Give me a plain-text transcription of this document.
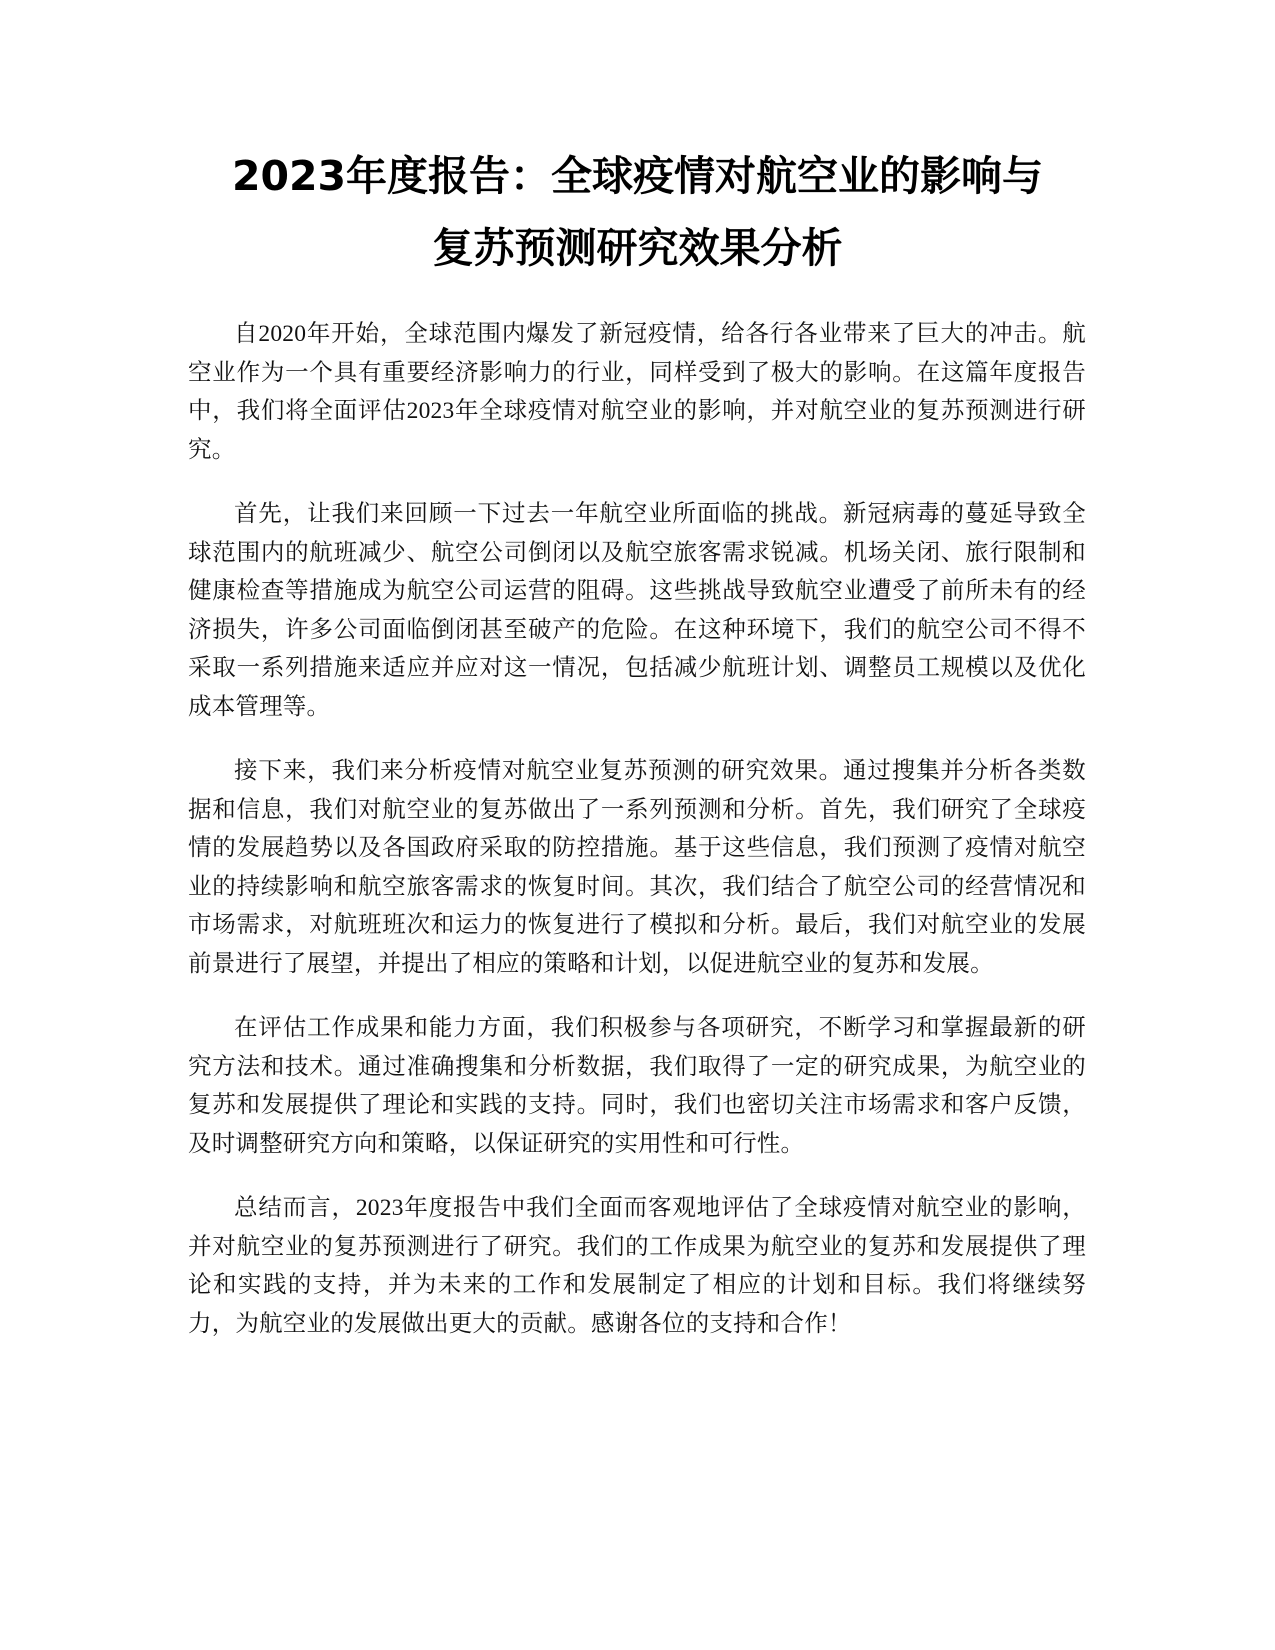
2023年度报告：全球疫情对航空业的影响与
复苏预测研究效果分析

自2020年开始，全球范围内爆发了新冠疫情，给各行各业带来了巨大的冲击。航空业作为一个具有重要经济影响力的行业，同样受到了极大的影响。在这篇年度报告中，我们将全面评估2023年全球疫情对航空业的影响，并对航空业的复苏预测进行研究。

首先，让我们来回顾一下过去一年航空业所面临的挑战。新冠病毒的蔓延导致全球范围内的航班减少、航空公司倒闭以及航空旅客需求锐减。机场关闭、旅行限制和健康检查等措施成为航空公司运营的阻碍。这些挑战导致航空业遭受了前所未有的经济损失，许多公司面临倒闭甚至破产的危险。在这种环境下，我们的航空公司不得不采取一系列措施来适应并应对这一情况，包括减少航班计划、调整员工规模以及优化成本管理等。

接下来，我们来分析疫情对航空业复苏预测的研究效果。通过搜集并分析各类数据和信息，我们对航空业的复苏做出了一系列预测和分析。首先，我们研究了全球疫情的发展趋势以及各国政府采取的防控措施。基于这些信息，我们预测了疫情对航空业的持续影响和航空旅客需求的恢复时间。其次，我们结合了航空公司的经营情况和市场需求，对航班班次和运力的恢复进行了模拟和分析。最后，我们对航空业的发展前景进行了展望，并提出了相应的策略和计划，以促进航空业的复苏和发展。

在评估工作成果和能力方面，我们积极参与各项研究，不断学习和掌握最新的研究方法和技术。通过准确搜集和分析数据，我们取得了一定的研究成果，为航空业的复苏和发展提供了理论和实践的支持。同时，我们也密切关注市场需求和客户反馈，及时调整研究方向和策略，以保证研究的实用性和可行性。

总结而言，2023年度报告中我们全面而客观地评估了全球疫情对航空业的影响，并对航空业的复苏预测进行了研究。我们的工作成果为航空业的复苏和发展提供了理论和实践的支持，并为未来的工作和发展制定了相应的计划和目标。我们将继续努力，为航空业的发展做出更大的贡献。感谢各位的支持和合作！
